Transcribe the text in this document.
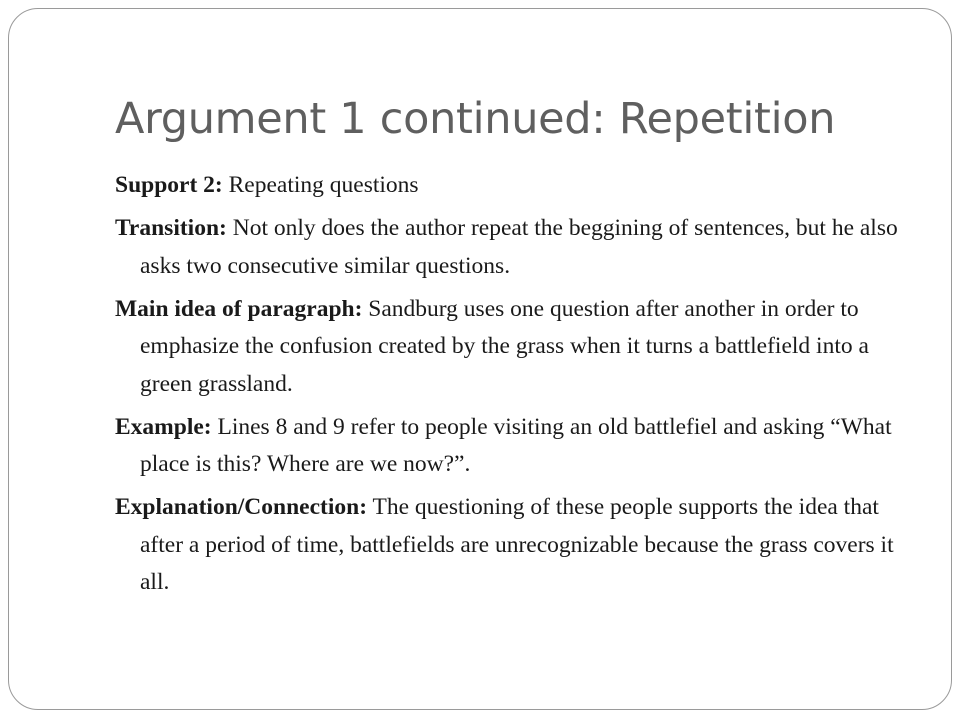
Argument 1 continued: Repetition
Support 2: Repeating questions
Transition: Not only does the author repeat the beggining of sentences, but he also asks two consecutive similar questions.
Main idea of paragraph: Sandburg uses one question after another in order to emphasize the confusion created by the grass when it turns a battlefield into a green grassland.
Example: Lines 8 and 9 refer to people visiting an old battlefiel and asking “What place is this? Where are we now?”.
Explanation/Connection: The questioning of these people supports the idea that after a period of time, battlefields are unrecognizable because the grass covers it all.
